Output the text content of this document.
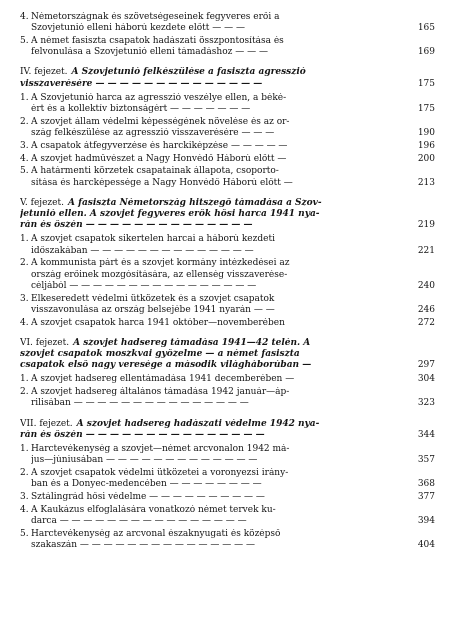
4. Németországnak és szövetségeseinek fegyveres erői a
Szovjetunió elleni háború kezdete előtt — — —	165
5. A német fasiszta csapatok hadászati összpontosítása és
felvonulása a Szovjetunió elleni támadáshoz — — —	169
IV. fejezet. A Szovjetunió felkészülése a fasiszta agresszió
visszaverésére — — — — — — — — — — — — — —	175
1. A Szovjetunió harca az agresszió veszélye ellen, a béké-
ért és a kollektív biztonságért — — — — — — —	175
2. A szovjet állam védelmi képességének növelése és az or-
szág felkészülése az agresszió visszaverésére — — —	190
3. A csapatok átfegyverzése és harckiképzése — — — — —	196
4. A szovjet hadművészet a Nagy Honvédő Háború előtt —	200
5. A határmenti körzetek csapatainak állapota, csoporto-
sítása és harcképessége a Nagy Honvédő Háború előtt —	213
V. fejezet. A fasiszta Németország hitszegő támadása a Szov-
jetunió ellen. A szovjet fegyveres erők hősi harca 1941 nya-
rán és őszén — — — — — — — — — — — — — —	219
1. A szovjet csapatok sikertelen harcai a háború kezdeti
időszakában — — — — — — — — — — — — — —	221
2. A kommunista párt és a szovjet kormány intézkedései az
ország erőinek mozgósítására, az ellenség visszaverése-
céljából — — — — — — — — — — — — — — — —	240
3. Elkeseredett védelmi ütközetek és a szovjet csapatok
visszavonulása az ország belsejébe 1941 nyarán — —	246
4. A szovjet csapatok harca 1941 október—novemberében	272
VI. fejezet. A szovjet hadsereg támadása 1941—42 telén. A
szovjet csapatok moszkvai győzelme — a német fasiszta
csapatok első nagy veresége a második világháborúban —	297
1. A szovjet hadsereg ellentámadása 1941 decemberében —	304
2. A szovjet hadsereg általános támadása 1942 január—áp-
rilisában — — — — — — — — — — — — — — —	323
VII. fejezet. A szovjet hadsereg hadászati védelme 1942 nya-
rán és őszén — — — — — — — — — — — — — — —	344
1. Harctevékenység a szovjet—német arcvonalon 1942 má-
jus—júniusában — — — — — — — — — — — — —	357
2. A szovjet csapatok védelmi ütközetei a voronyezsi irány-
ban és a Donyec-medencében — — — — — — — —	368
3. Sztálingrád hősi védelme — — — — — — — — — —	377
4. A Kaukázus elfoglalására vonatkozó német tervek ku-
darca — — — — — — — — — — — — — — — —	394
5. Harctevékenység az arcvonal északnyugati és középső
szakaszán — — — — — — — — — — — — — — —	404
